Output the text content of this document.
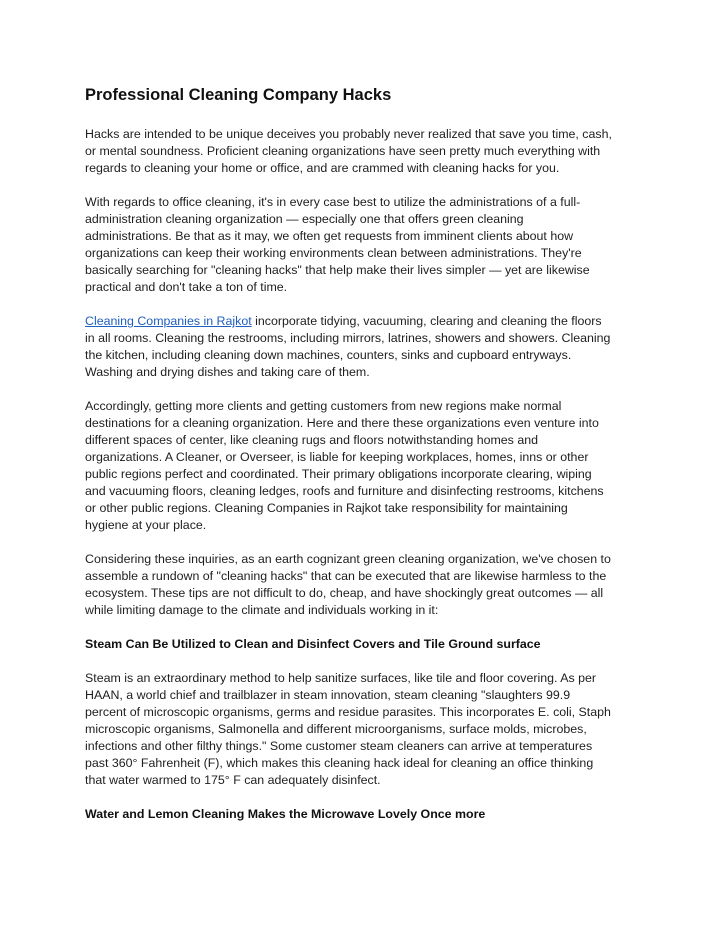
Professional Cleaning Company Hacks
Hacks are intended to be unique deceives you probably never realized that save you time, cash,
or mental soundness. Proficient cleaning organizations have seen pretty much everything with
regards to cleaning your home or office, and are crammed with cleaning hacks for you.
With regards to office cleaning, it's in every case best to utilize the administrations of a full-
administration cleaning organization — especially one that offers green cleaning
administrations. Be that as it may, we often get requests from imminent clients about how
organizations can keep their working environments clean between administrations. They're
basically searching for "cleaning hacks" that help make their lives simpler — yet are likewise
practical and don't take a ton of time.
Cleaning Companies in Rajkot incorporate tidying, vacuuming, clearing and cleaning the floors
in all rooms. Cleaning the restrooms, including mirrors, latrines, showers and showers. Cleaning
the kitchen, including cleaning down machines, counters, sinks and cupboard entryways.
Washing and drying dishes and taking care of them.
Accordingly, getting more clients and getting customers from new regions make normal
destinations for a cleaning organization. Here and there these organizations even venture into
different spaces of center, like cleaning rugs and floors notwithstanding homes and
organizations. A Cleaner, or Overseer, is liable for keeping workplaces, homes, inns or other
public regions perfect and coordinated. Their primary obligations incorporate clearing, wiping
and vacuuming floors, cleaning ledges, roofs and furniture and disinfecting restrooms, kitchens
or other public regions. Cleaning Companies in Rajkot take responsibility for maintaining
hygiene at your place.
Considering these inquiries, as an earth cognizant green cleaning organization, we've chosen to
assemble a rundown of "cleaning hacks" that can be executed that are likewise harmless to the
ecosystem. These tips are not difficult to do, cheap, and have shockingly great outcomes — all
while limiting damage to the climate and individuals working in it:
Steam Can Be Utilized to Clean and Disinfect Covers and Tile Ground surface
Steam is an extraordinary method to help sanitize surfaces, like tile and floor covering. As per
HAAN, a world chief and trailblazer in steam innovation, steam cleaning "slaughters 99.9
percent of microscopic organisms, germs and residue parasites. This incorporates E. coli, Staph
microscopic organisms, Salmonella and different microorganisms, surface molds, microbes,
infections and other filthy things." Some customer steam cleaners can arrive at temperatures
past 360° Fahrenheit (F), which makes this cleaning hack ideal for cleaning an office thinking
that water warmed to 175° F can adequately disinfect.
Water and Lemon Cleaning Makes the Microwave Lovely Once more
